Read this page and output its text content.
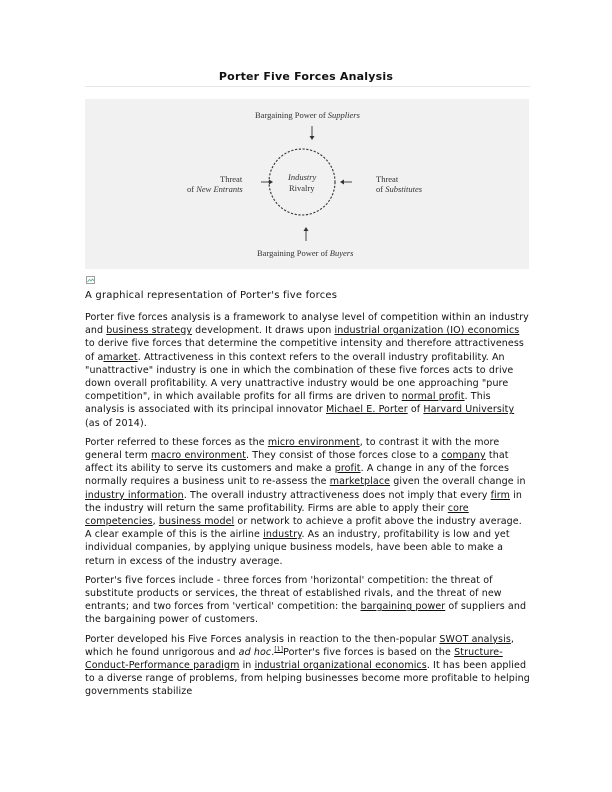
Porter Five Forces Analysis
Bargaining Power of Suppliers
Threat
of New Entrants
Industry
Rivalry
Threat
of Substitutes
Bargaining Power of Buyers
A graphical representation of Porter's five forces

Porter five forces analysis is a framework to analyse level of competition within an industry and business strategy development. It draws upon industrial organization (IO) economics to derive five forces that determine the competitive intensity and therefore attractiveness of amarket. Attractiveness in this context refers to the overall industry profitability. An "unattractive" industry is one in which the combination of these five forces acts to drive down overall profitability. A very unattractive industry would be one approaching "pure competition", in which available profits for all firms are driven to normal profit. This analysis is associated with its principal innovator Michael E. Porter of Harvard University (as of 2014).

Porter referred to these forces as the micro environment, to contrast it with the more general term macro environment. They consist of those forces close to a company that affect its ability to serve its customers and make a profit. A change in any of the forces normally requires a business unit to re-assess the marketplace given the overall change in industry information. The overall industry attractiveness does not imply that every firm in the industry will return the same profitability. Firms are able to apply their core competencies, business model or network to achieve a profit above the industry average. A clear example of this is the airline industry. As an industry, profitability is low and yet individual companies, by applying unique business models, have been able to make a return in excess of the industry average.

Porter's five forces include - three forces from 'horizontal' competition: the threat of substitute products or services, the threat of established rivals, and the threat of new entrants; and two forces from 'vertical' competition: the bargaining power of suppliers and the bargaining power of customers.

Porter developed his Five Forces analysis in reaction to the then-popular SWOT analysis, which he found unrigorous and ad hoc.[1]Porter's five forces is based on the Structure-Conduct-Performance paradigm in industrial organizational economics. It has been applied to a diverse range of problems, from helping businesses become more profitable to helping governments stabilize
